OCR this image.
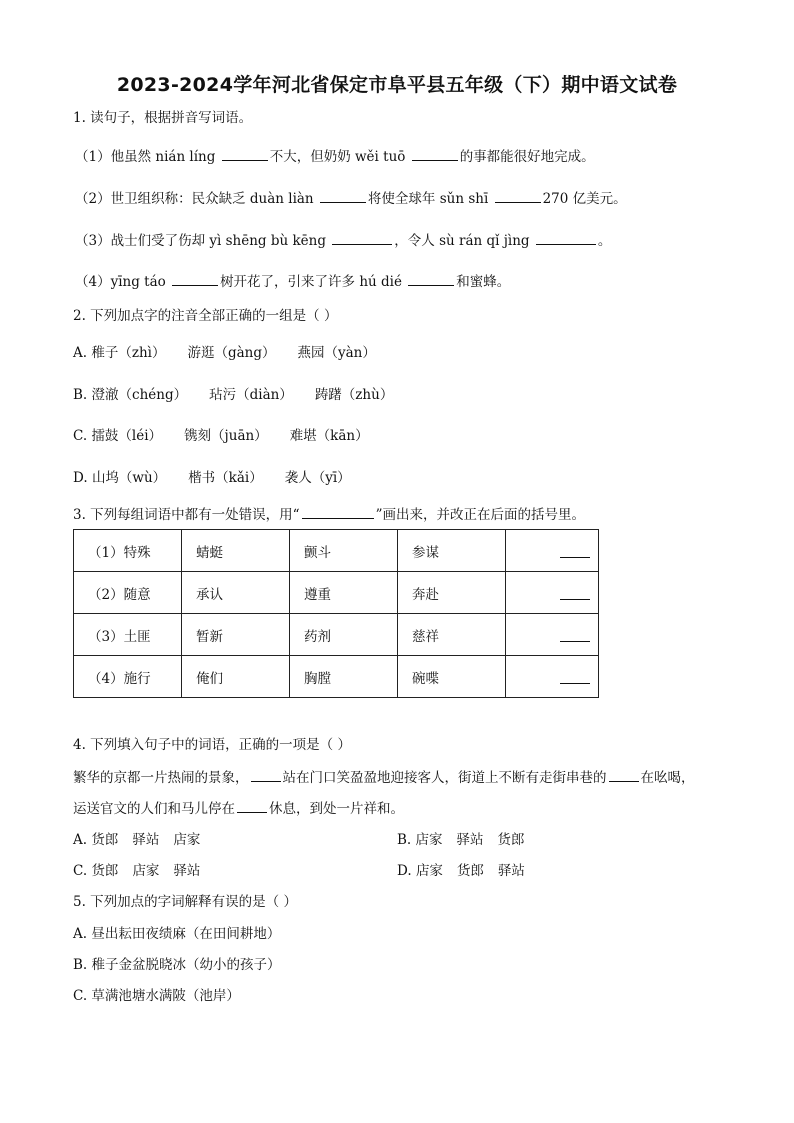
2023-2024学年河北省保定市阜平县五年级（下）期中语文试卷
1. 读句子，根据拼音写词语。
（1）他虽然 nián líng	不大，但奶奶 wěi tuō	的事都能很好地完成。
（2）世卫组织称：民众缺乏 duàn liàn	将使全球年 sǔn shī	270 亿美元。
（3）战士们受了伤却 yì shēng bù kēng	，令人 sù rán qǐ jìng	。
（4）yīng táo	树开花了，引来了许多 hú dié	和蜜蜂。
2. 下列加点字的注音全部正确的一组是（ ）
A. 稚子（zhì） 游逛（gàng） 燕园（yàn）
B. 澄澈（chéng） 玷污（diàn） 踌躇（zhù）
C. 擂鼓（léi） 镌刻（juān） 难堪（kān）
D. 山坞（wù） 楷书（kǎi） 袭人（yī）
3. 下列每组词语中都有一处错误，用“	”画出来，并改正在后面的括号里。
（1）特殊	蜻蜓	颤斗	参谋	

（2）随意	承认	遵重	奔赴	

（3）土匪	暂新	药剂	慈祥	

（4）施行	俺们	胸膛	碗喋	
4. 下列填入句子中的词语，正确的一项是（ ）
繁华的京都一片热闹的景象，	站在门口笑盈盈地迎接客人，街道上不断有走街串巷的	在吆喝，
运送官文的人们和马儿停在	休息，到处一片祥和。
A. 货郎 驿站 店家	B. 店家 驿站 货郎
C. 货郎 店家 驿站	D. 店家 货郎 驿站
5. 下列加点的字词解释有误的是（ ）
A. 昼出耘田夜绩麻（在田间耕地）
B. 稚子金盆脱晓冰（幼小的孩子）
C. 草满池塘水满陂（池岸）
